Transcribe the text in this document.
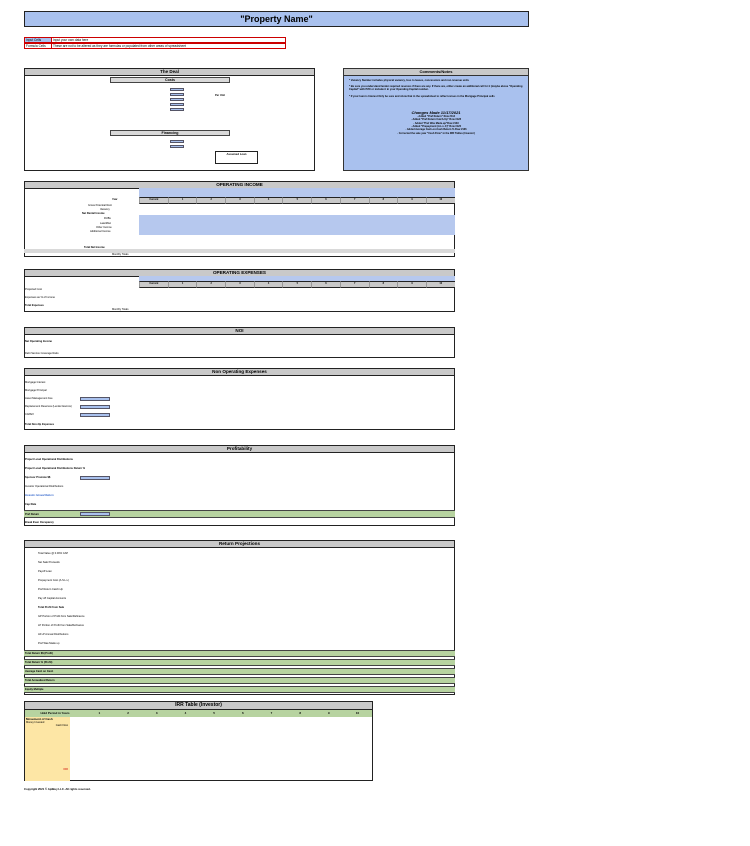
"Property Name"
Input Cells	Input your own data here
Formula Cells	These are not to be altered as they are formulas or populated from other areas of spreadsheet
The Deal
Costs
Per Unit
Financing
Assumed Loan
Comments/Notes

* Vacancy Number includes physical vacancy, loss to leases, concessions and non-revenue units

* Be sure you understand lender required reserves if there are any. If there are, either create an additional cell for it (maybe above "Operating Capital" with P2O or include it in your Operating Capital number.

* If your loan is Interest Only be sure and show that in the spreadsheet to reflect zeroes in the Mortgage Principal cells

Changes Made 11/17/2021
- Added "Pref Return" Row #112
- Added "Pref Return Catch-Up" Row #128
- Added "Pref Was Made-up"Row #133
- Added "Prepayment (A.L.L.C)" Row #126
- Added Average Cash-on-Cash Return % Row #136
- Corrected the sale year "Cash Flow" in the IRR Tables (Investor)
OPERATING INCOME
Year	Current	1	2	3	4	5	6	7	8	9	10
Gross Potential Rent
Vacancy
Net Rental Income
RUBs
Late/Misc
Other Income
Additional Income
Total Net Income
Monthly Totals
OPERATING EXPENSES
Current	1	2	3	4	5	6	7	8	9	10
Projected Cost
Expenses as % of Income
Total Expenses
Monthly Totals
NOI
Net Operating Income
Debt Service Coverage Ratio
Non Operating Expenses
Mortgage Interest
Mortgage Principal
Asset Management Fee
Replacement Reserves (Lender Escrow)
CAPEX
Total Non-Op Expenses
Profitability
Project Level Operational Distributions
Project Level Operational Distributions Return %
Sponsor Promote $$
Investor Operational Distributions
Investor Annual Return
Cap Rate
Pref Return
Break Even Occupancy
Return Projections
Total Value @ 0.00% CAP
Net Sale Proceeds
Payoff Loan
Prepayment Cost (A.S.L.L)
Pref Return Catch-Up
Pay off Capital Accounts
Total Profit from Sale
GP Portion of Profit from Sale/Refinance
LP Portion of Profit from Sale/Refinance
All LP Annual Distributions
Pref Was Made up
Total Return $$ (Profit)
Total Return % (Profit)
Average Cash on Cash
Total Annualized Return
Equity Multiple
IRR Table (Investor)
Hold Period in Years	1	2	3	4	5	6	7	8	9	10
Movement of Cash
Money Invested
Cash Flow
IRR
Copyright 2021 © AptBuy LLC. All rights reserved.
